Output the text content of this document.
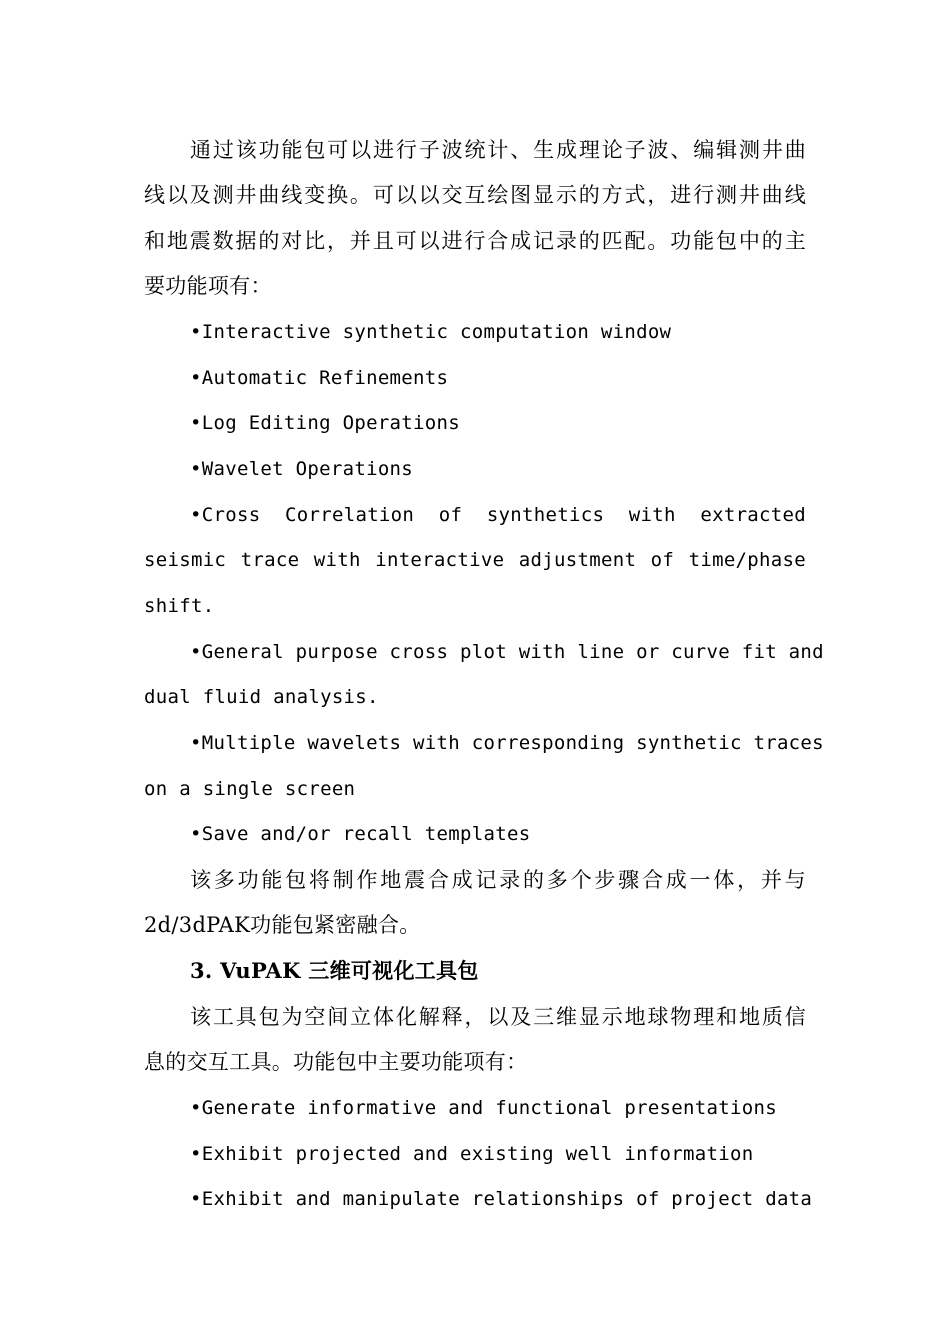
通过该功能包可以进行子波统计、生成理论子波、编辑测井曲
线以及测井曲线变换。可以以交互绘图显示的方式，进行测井曲线
和地震数据的对比，并且可以进行合成记录的匹配。功能包中的主
要功能项有：
•Interactive synthetic computation window
•Automatic Refinements
•Log Editing Operations
•Wavelet Operations
•Cross Correlation of synthetics with extracted
seismic trace with interactive adjustment of time/phase
shift.
•General purpose cross plot with line or curve fit and
dual fluid analysis.
•Multiple wavelets with corresponding synthetic traces
on a single screen
•Save and/or recall templates
该多功能包将制作地震合成记录的多个步骤合成一体，并与
2d/3dPAK功能包紧密融合。
3. VuPAK 三维可视化工具包
该工具包为空间立体化解释，以及三维显示地球物理和地质信
息的交互工具。功能包中主要功能项有：
•Generate informative and functional presentations
•Exhibit projected and existing well information
•Exhibit and manipulate relationships of project data
